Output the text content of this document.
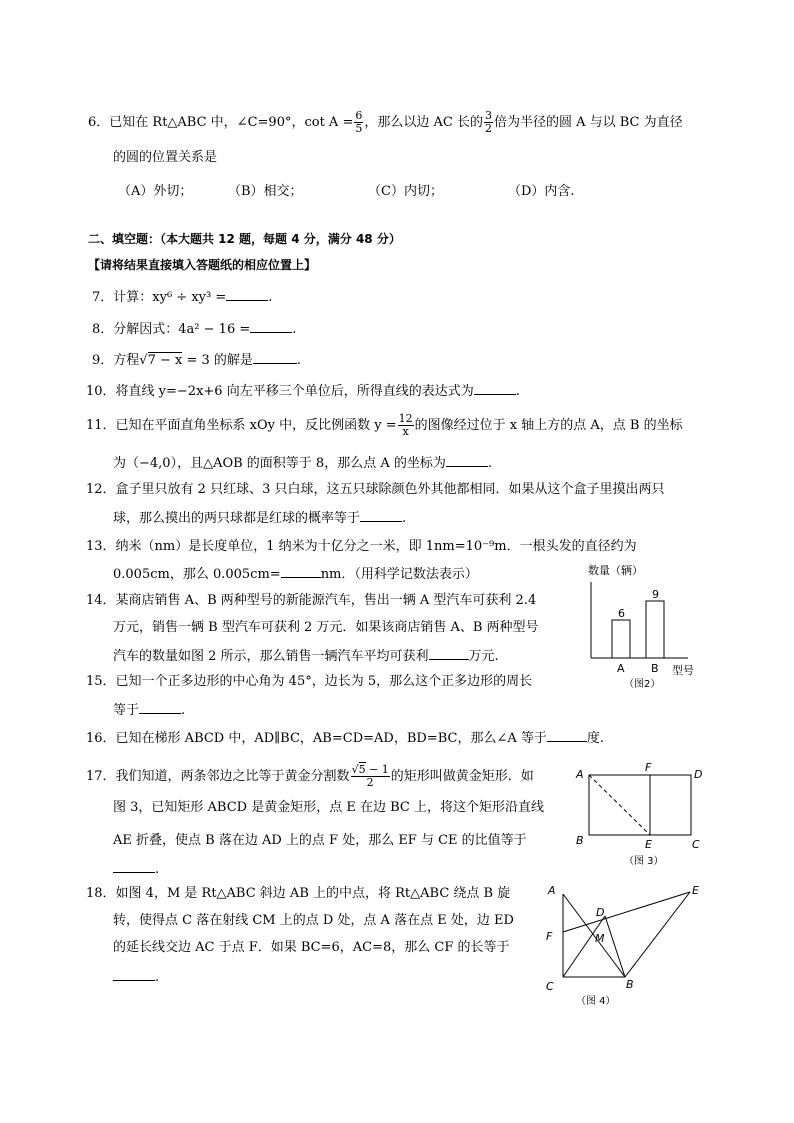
6．已知在 Rt△ABC 中，∠C=90°，$\cot A = \frac{6}{5}$ ，那么以边 AC 长的 $\frac{3}{2}$ 倍为半径的圆 A 与以 BC 为直径
的圆的位置关系是
（A）外切；	（B）相交；	（C）内切；	（D）内含.
二、填空题：（本大题共 12 题，每题 4 分，满分 48 分）
【请将结果直接填入答题纸的相应位置上】
7．计算：xy⁶ ÷ xy³ =	.
8．分解因式：4a² − 16 =	.
9．方程√7 − x = 3 的解是	.
10．将直线 y=−2x+6 向左平移三个单位后，所得直线的表达式为	.
11．已知在平面直角坐标系 xOy 中，反比例函数 $y = \frac{12}{x}$ 的图像经过位于 x 轴上方的点 A，点 B 的坐标
为（−4,0），且△AOB 的面积等于 8，那么点 A 的坐标为	.
12．盒子里只放有 2 只红球、3 只白球，这五只球除颜色外其他都相同．如果从这个盒子里摸出两只
球，那么摸出的两只球都是红球的概率等于	.
13．纳米（nm）是长度单位，1 纳米为十亿分之一米，即 1nm=10⁻⁹m．一根头发的直径约为
0.005cm，那么 0.005cm=	nm．（用科学记数法表示）
14．某商店销售 A、B 两种型号的新能源汽车，售出一辆 A 型汽车可获利 2.4
万元，销售一辆 B 型汽车可获利 2 万元．如果该商店销售 A、B 两种型号
汽车的数量如图 2 所示，那么销售一辆汽车平均可获利	万元.
数量（辆）
型号
（图2）
6
A
9
B
15．已知一个正多边形的中心角为 45°，边长为 5，那么这个正多边形的周长
等于	.
16．已知在梯形 ABCD 中，AD∥BC，AB=CD=AD，BD=BC，那么∠A 等于	度.
17．我们知道，两条邻边之比等于黄金分割数 $\frac{√5 - 1}{2}$ 的矩形叫做黄金矩形．如
图 3，已知矩形 ABCD 是黄金矩形，点 E 在边 BC 上，将这个矩形沿直线
AE 折叠，使点 B 落在边 AD 上的点 F 处，那么 EF 与 CE 的比值等于
.
A
F
D
B	E	C
（图 3）
18．如图 4，M 是 Rt△ABC 斜边 AB 上的中点，将 Rt△ABC 绕点 B 旋
转，使得点 C 落在射线 CM 上的点 D 处，点 A 落在点 E 处，边 ED
的延长线交边 AC 于点 F．如果 BC=6，AC=8，那么 CF 的长等于
.
A	E
D
F	M
C	B
（图 4）
